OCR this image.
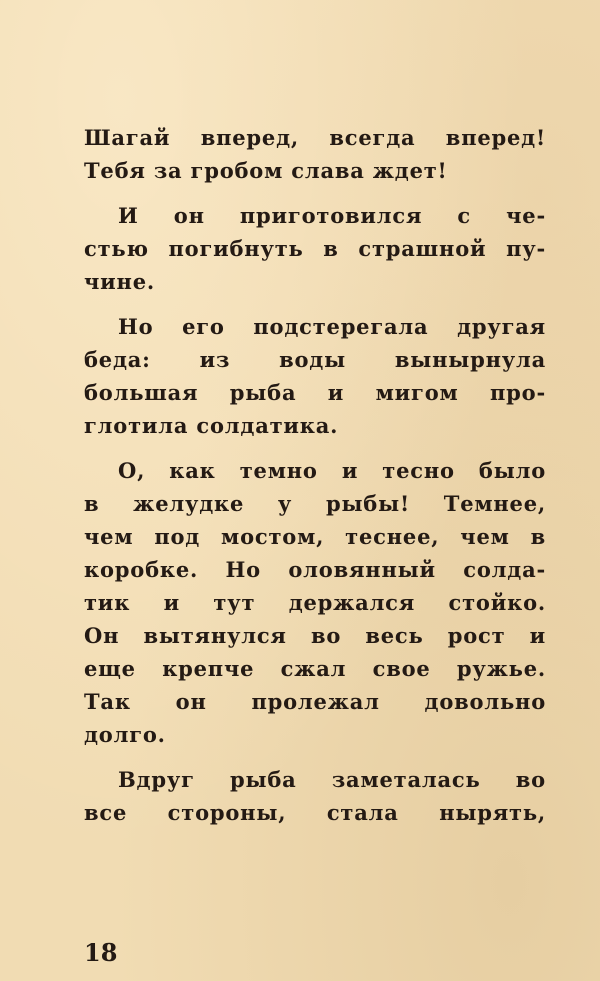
Шагай вперед, всегда вперед!
Тебя за гробом слава ждет!
И он приготовился с че-
стью погибнуть в страшной пу-
чине.
Но его подстерегала другая
беда: из воды вынырнула
большая рыба и мигом про-
глотила солдатика.
О, как темно и тесно было
в желудке у рыбы! Темнее,
чем под мостом, теснее, чем в
коробке. Но оловянный солда-
тик и тут держался стойко.
Он вытянулся во весь рост и
еще крепче сжал свое ружье.
Так он пролежал довольно
долго.
Вдруг рыба заметалась во
все стороны, стала нырять,
18
